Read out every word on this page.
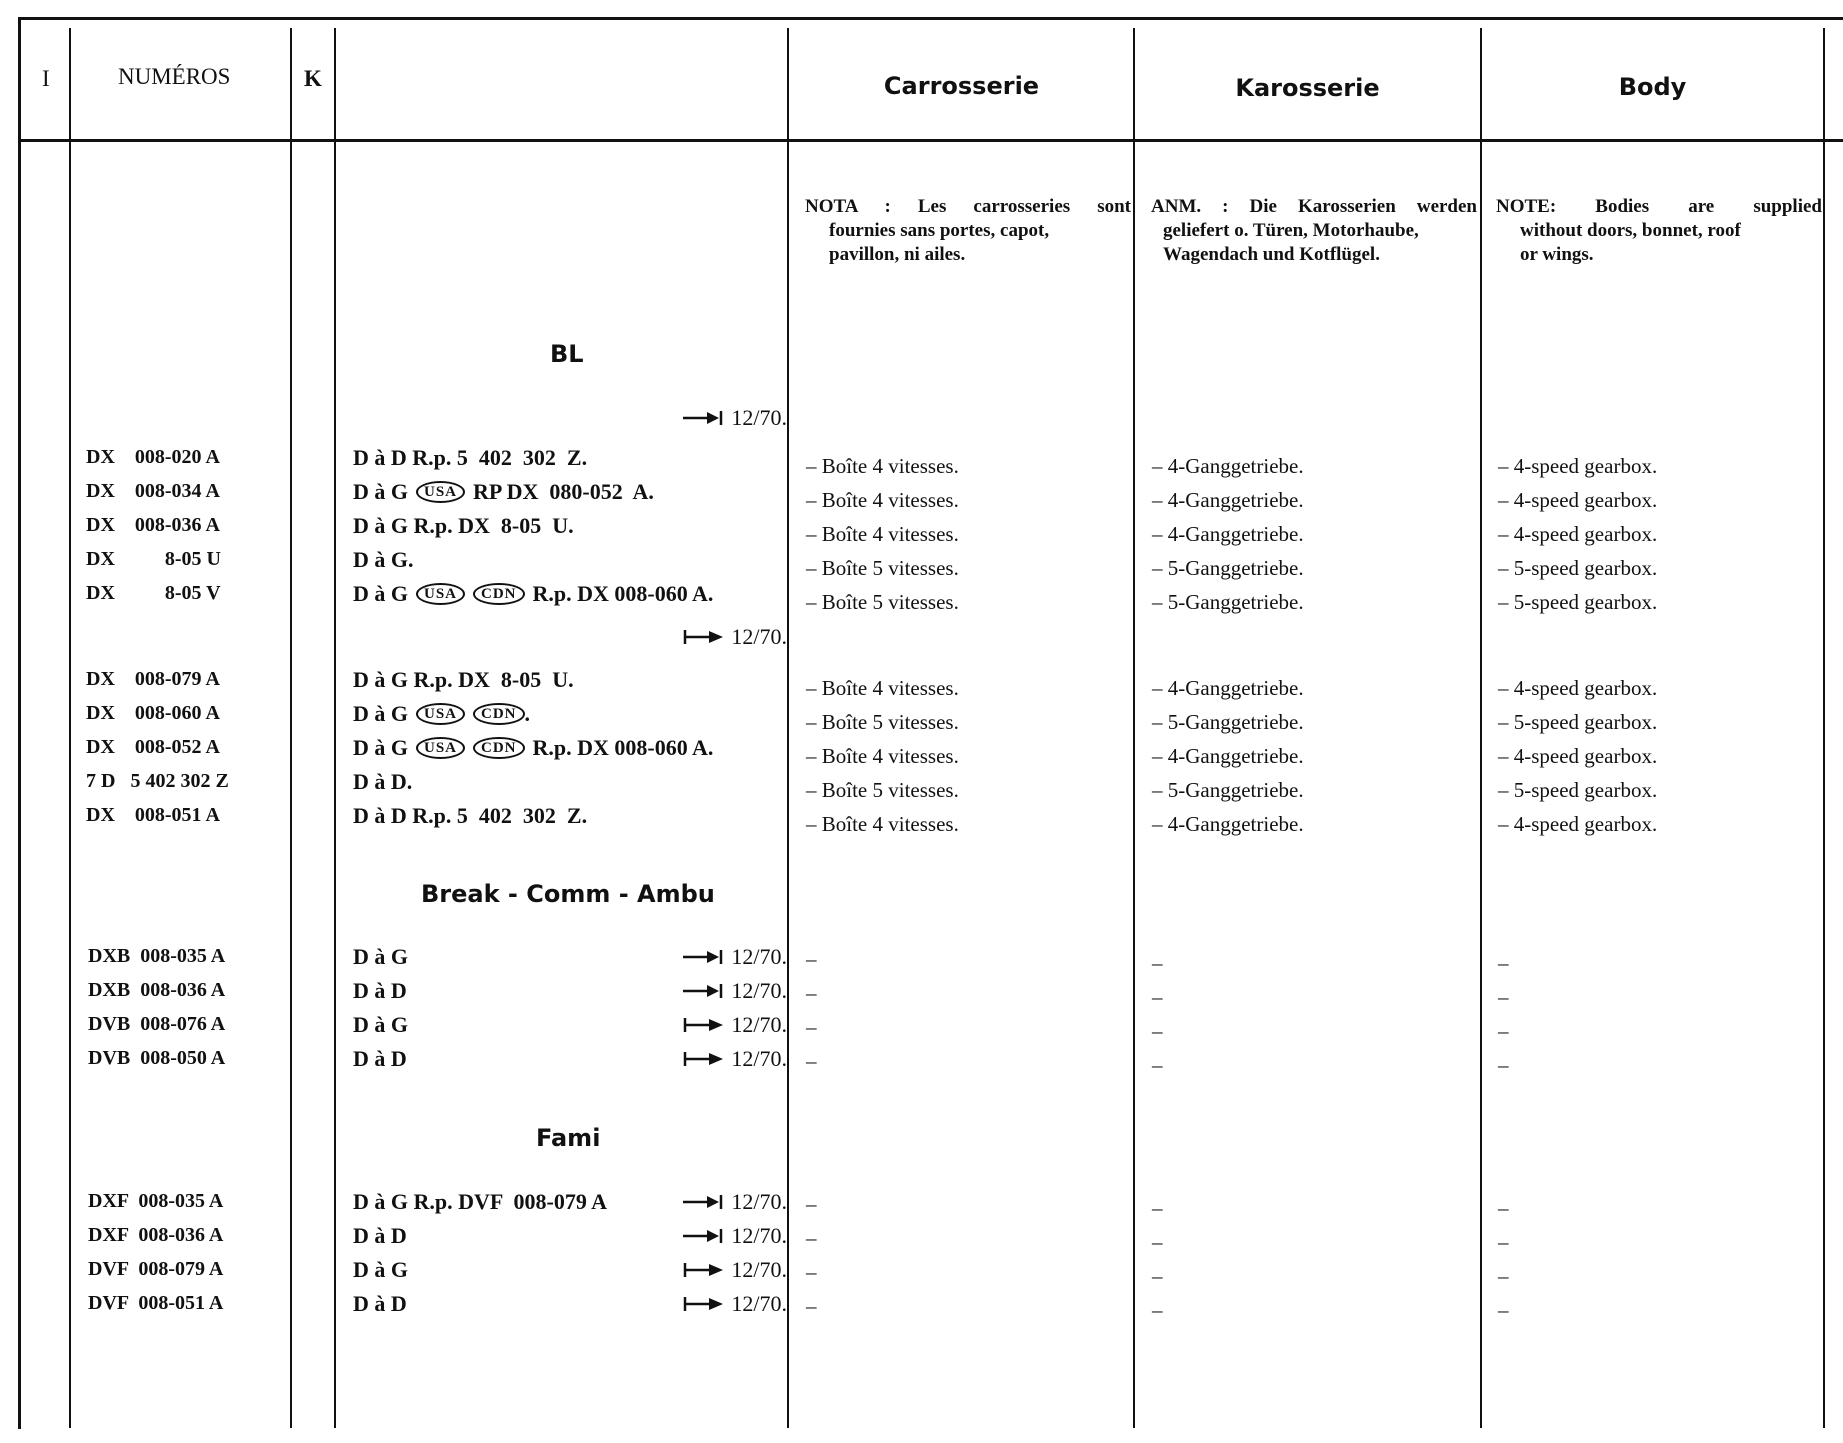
I	NUMÉROS	K	Carrosserie	Karosserie	Body
NOTA : Les carrosseries sont
fournies sans portes, capot,
pavillon, ni ailes.
ANM. : Die Karosserien werden
geliefert o. Türen, Motorhaube,
Wagendach und Kotflügel.
NOTE: Bodies are supplied
without doors, bonnet, roof
or wings.
BL
12/70.
12/70.
DX    008-020 A	D à D R.p. 5  402  302  Z.	– Boîte 4 vitesses.	– 4-Ganggetriebe.	– 4-speed gearbox.
DX    008-034 A	D à G	USA RP DX  080-052  A.	– Boîte 4 vitesses.	– 4-Ganggetriebe.	– 4-speed gearbox.
DX    008-036 A	D à G R.p. DX  8-05  U.	– Boîte 4 vitesses.	– 4-Ganggetriebe.	– 4-speed gearbox.
DX          8-05 U	D à G.	– Boîte 5 vitesses.	– 5-Ganggetriebe.	– 5-speed gearbox.
DX          8-05 V	D à G	USA	CDN R.p. DX 008-060 A.	– Boîte 5 vitesses.	– 5-Ganggetriebe.	– 5-speed gearbox.
DX    008-079 A	D à G R.p. DX  8-05  U.	– Boîte 4 vitesses.	– 4-Ganggetriebe.	– 4-speed gearbox.
DX    008-060 A	D à G	USA	CDN .	– Boîte 5 vitesses.	– 5-Ganggetriebe.	– 5-speed gearbox.
DX    008-052 A	D à G	USA	CDN R.p. DX 008-060 A.	– Boîte 4 vitesses.	– 4-Ganggetriebe.	– 4-speed gearbox.
7 D   5 402 302 Z	D à D.	– Boîte 5 vitesses.	– 5-Ganggetriebe.	– 5-speed gearbox.
DX    008-051 A	D à D R.p. 5  402  302  Z.	– Boîte 4 vitesses.	– 4-Ganggetriebe.	– 4-speed gearbox.
Break - Comm - Ambu
DXB  008-035 A	D à G	12/70. –	–	–
DXB  008-036 A	D à D	12/70. –	–	–
DVB  008-076 A	D à G	12/70. –	–	–
DVB  008-050 A	D à D	12/70. –	–	–
Fami
DXF  008-035 A	D à G R.p. DVF  008-079 A	12/70. –	–	–
DXF  008-036 A	D à D	12/70. –	–	–
DVF  008-079 A	D à G	12/70. –	–	–
DVF  008-051 A	D à D	12/70. –	–	–
